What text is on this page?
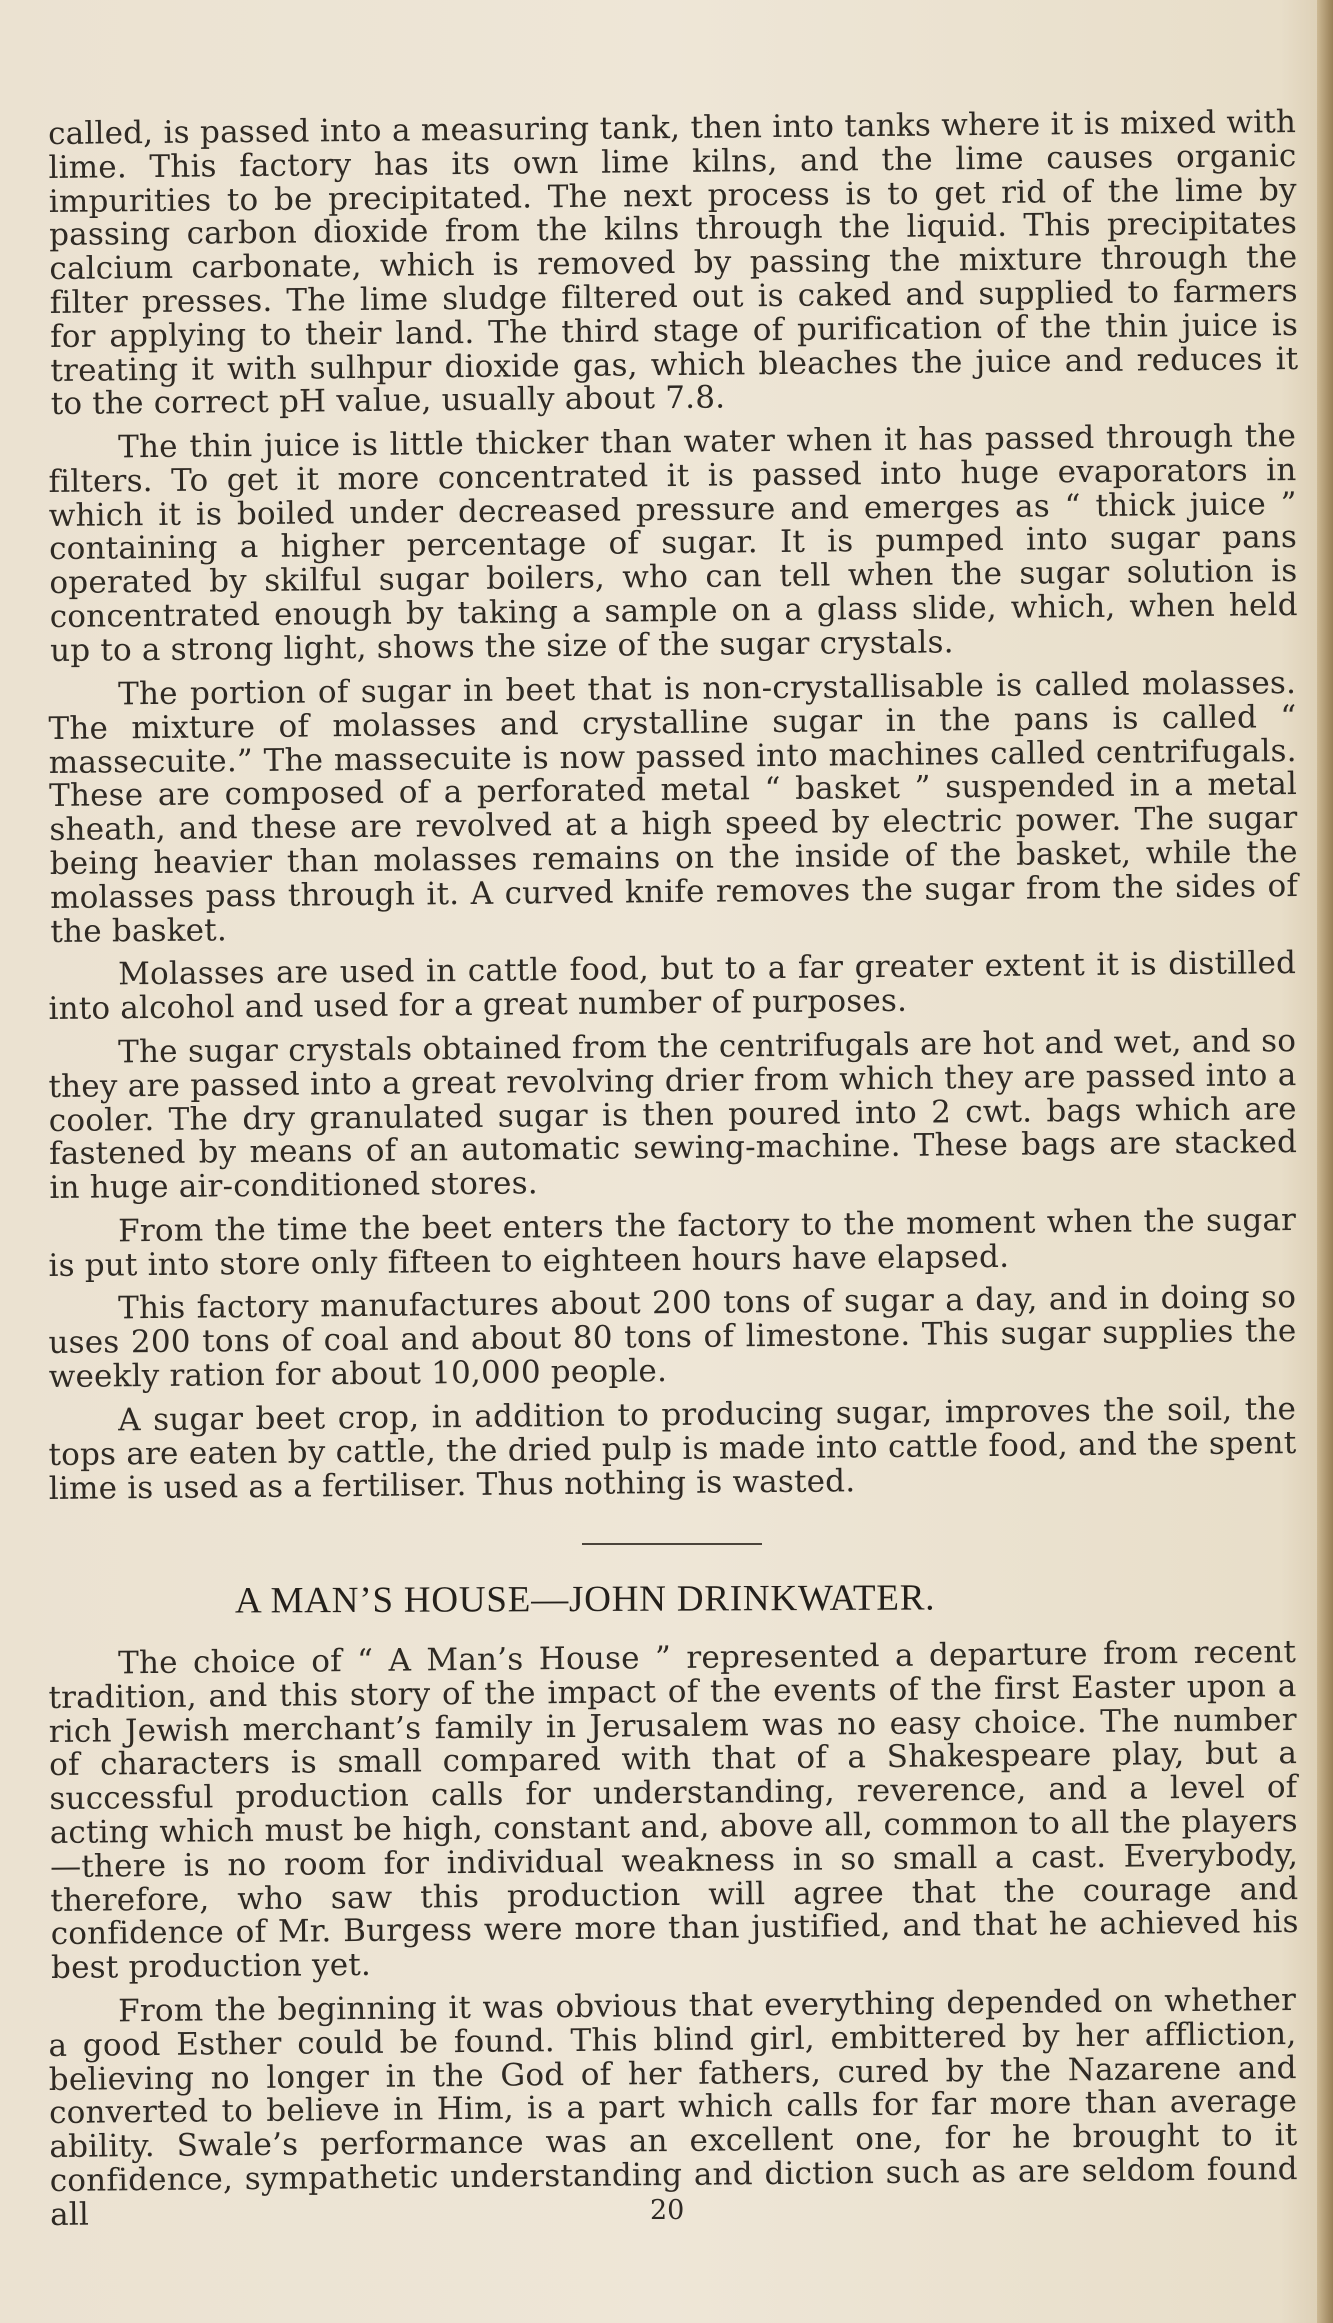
called, is passed into a measuring tank, then into tanks where it is mixed with lime. This factory has its own lime kilns, and the lime causes organic impurities to be precipitated. The next process is to get rid of the lime by passing carbon dioxide from the kilns through the liquid. This precipitates calcium carbonate, which is removed by passing the mixture through the filter presses. The lime sludge filtered out is caked and supplied to farmers for applying to their land. The third stage of purification of the thin juice is treating it with sulhpur dioxide gas, which bleaches the juice and reduces it to the correct pH value, usually about 7.8.

The thin juice is little thicker than water when it has passed through the filters. To get it more concentrated it is passed into huge evaporators in which it is boiled under decreased pressure and emerges as “ thick juice ” containing a higher percentage of sugar. It is pumped into sugar pans operated by skilful sugar boilers, who can tell when the sugar solution is concentrated enough by taking a sample on a glass slide, which, when held up to a strong light, shows the size of the sugar crystals.

The portion of sugar in beet that is non-crystallisable is called molasses. The mixture of molasses and crystalline sugar in the pans is called “ massecuite.” The massecuite is now passed into machines called centrifugals. These are composed of a perforated metal “ basket ” suspended in a metal sheath, and these are revolved at a high speed by electric power. The sugar being heavier than molasses remains on the inside of the basket, while the molasses pass through it. A curved knife removes the sugar from the sides of the basket.

Molasses are used in cattle food, but to a far greater extent it is distilled into alcohol and used for a great number of purposes.

The sugar crystals obtained from the centrifugals are hot and wet, and so they are passed into a great revolving drier from which they are passed into a cooler. The dry granulated sugar is then poured into 2 cwt. bags which are fastened by means of an automatic sewing-machine. These bags are stacked in huge air-conditioned stores.

From the time the beet enters the factory to the moment when the sugar is put into store only fifteen to eighteen hours have elapsed.

This factory manufactures about 200 tons of sugar a day, and in doing so uses 200 tons of coal and about 80 tons of limestone. This sugar supplies the weekly ration for about 10,000 people.

A sugar beet crop, in addition to producing sugar, improves the soil, the tops are eaten by cattle, the dried pulp is made into cattle food, and the spent lime is used as a fertiliser. Thus nothing is wasted.

A MAN’S HOUSE—JOHN DRINKWATER.

The choice of “ A Man’s House ” represented a departure from recent tradition, and this story of the impact of the events of the first Easter upon a rich Jewish merchant’s family in Jerusalem was no easy choice. The number of characters is small compared with that of a Shakespeare play, but a successful production calls for understanding, reverence, and a level of acting which must be high, constant and, above all, common to all the players—there is no room for individual weakness in so small a cast. Everybody, therefore, who saw this production will agree that the courage and confidence of Mr. Burgess were more than justified, and that he achieved his best production yet.

From the beginning it was obvious that everything depended on whether a good Esther could be found. This blind girl, embittered by her affliction, believing no longer in the God of her fathers, cured by the Nazarene and converted to believe in Him, is a part which calls for far more than average ability. Swale’s performance was an excellent one, for he brought to it confidence, sympathetic understanding and diction such as are seldom found all	20
